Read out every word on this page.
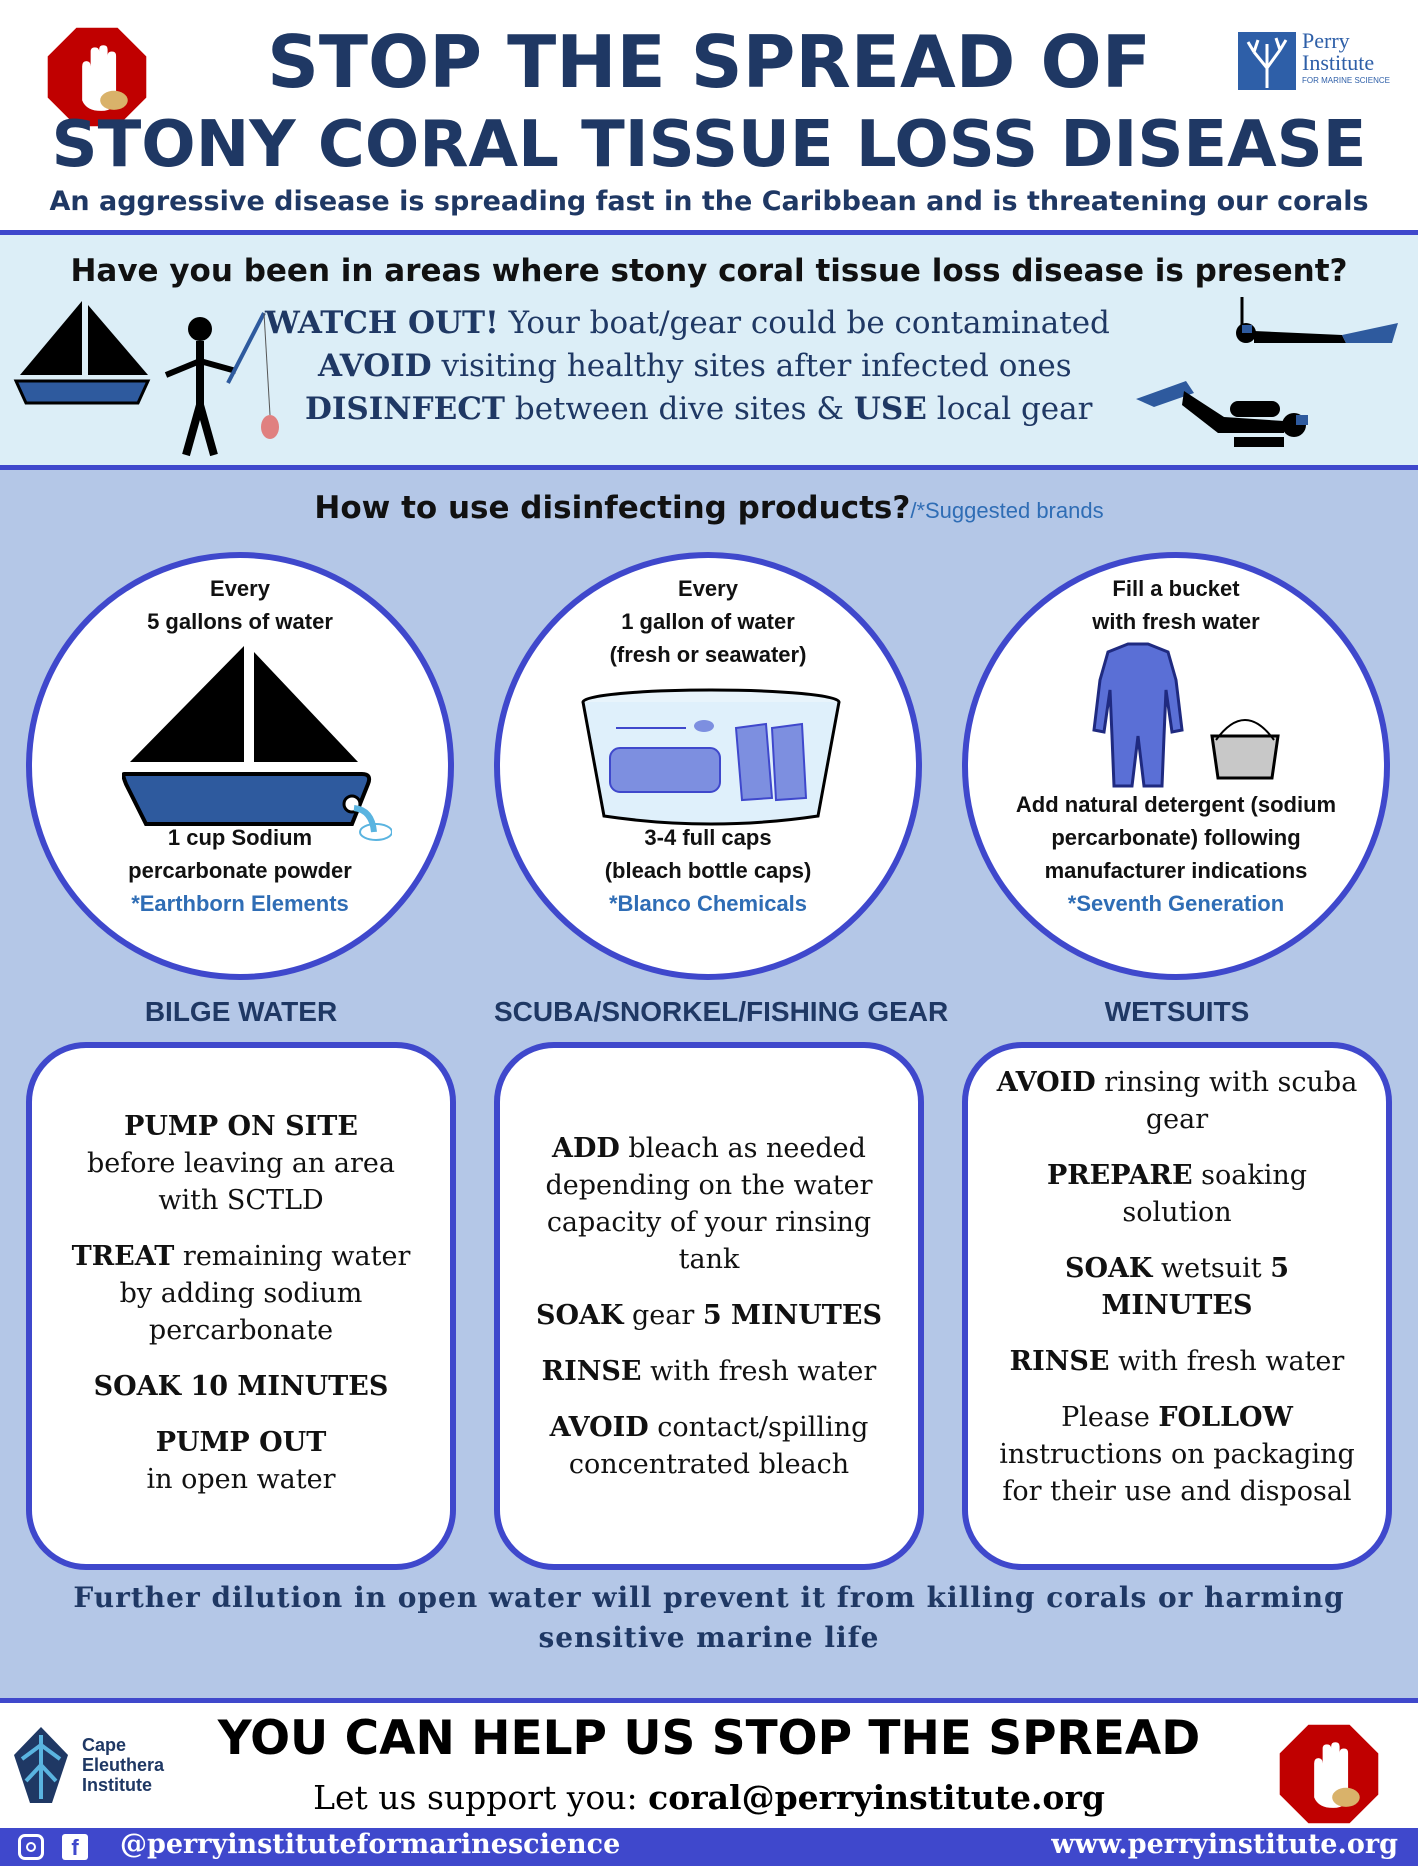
STOP THE SPREAD OF
STONY CORAL TISSUE LOSS DISEASE
An aggressive disease is spreading fast in the Caribbean and is threatening our corals
Perry
Institute
FOR MARINE SCIENCE
Have you been in areas where stony coral tissue loss disease is present?
WATCH OUT! Your boat/gear could be contaminated
AVOID visiting healthy sites after infected ones
DISINFECT between dive sites & USE local gear
How to use disinfecting products?/*Suggested brands
Every
5 gallons of water
1 cup Sodium
percarbonate powder
*Earthborn Elements
Every
1 gallon of water
(fresh or seawater)
3-4 full caps
(bleach bottle caps)
*Blanco Chemicals
Fill a bucket
with fresh water
Add natural detergent (sodium
percarbonate) following
manufacturer indications
*Seventh Generation
BILGE WATER	SCUBA/SNORKEL/FISHING GEAR	WETSUITS

PUMP ON SITE
before leaving an area with SCTLD

TREAT remaining water by adding sodium percarbonate

SOAK 10 MINUTES

PUMP OUT
in open water

ADD bleach as needed depending on the water capacity of your rinsing tank

SOAK gear 5 MINUTES

RINSE with fresh water

AVOID contact/spilling concentrated bleach

AVOID rinsing with scuba gear

PREPARE soaking solution

SOAK wetsuit 5 MINUTES

RINSE with fresh water

Please FOLLOW instructions on packaging for their use and disposal

Further dilution in open water will prevent it from killing corals or harming
sensitive marine life
Cape
Eleuthera
Institute
YOU CAN HELP US STOP THE SPREAD
Let us support you: coral@perryinstitute.org
f	@perryinstituteformarinescience	www.perryinstitute.org
